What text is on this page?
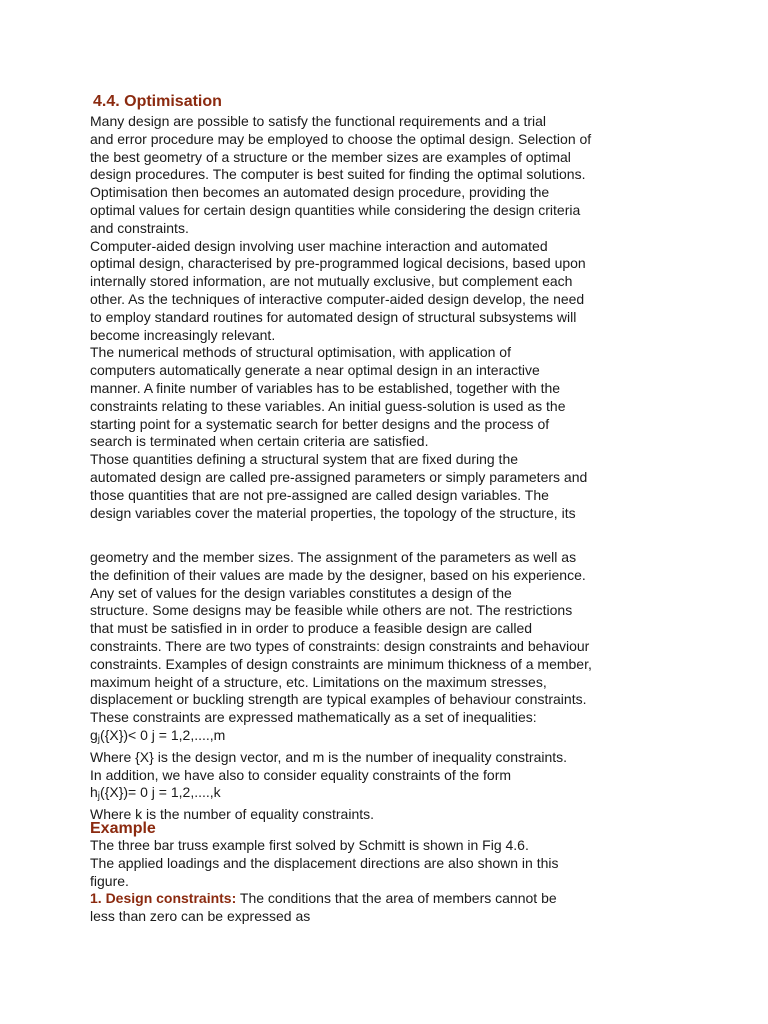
4.4. Optimisation
Many design are possible to satisfy the functional requirements and a trial
and error procedure may be employed to choose the optimal design. Selection of
the best geometry of a structure or the member sizes are examples of optimal
design procedures. The computer is best suited for finding the optimal solutions.
Optimisation then becomes an automated design procedure, providing the
optimal values for certain design quantities while considering the design criteria
and constraints.
Computer-aided design involving user machine interaction and automated
optimal design, characterised by pre-programmed logical decisions, based upon
internally stored information, are not mutually exclusive, but complement each
other. As the techniques of interactive computer-aided design develop, the need
to employ standard routines for automated design of structural subsystems will
become increasingly relevant.
The numerical methods of structural optimisation, with application of
computers automatically generate a near optimal design in an interactive
manner. A finite number of variables has to be established, together with the
constraints relating to these variables. An initial guess-solution is used as the
starting point for a systematic search for better designs and the process of
search is terminated when certain criteria are satisfied.
Those quantities defining a structural system that are fixed during the
automated design are called pre-assigned parameters or simply parameters and
those quantities that are not pre-assigned are called design variables. The
design variables cover the material properties, the topology of the structure, its
geometry and the member sizes. The assignment of the parameters as well as
the definition of their values are made by the designer, based on his experience.
Any set of values for the design variables constitutes a design of the
structure. Some designs may be feasible while others are not. The restrictions
that must be satisfied in in order to produce a feasible design are called
constraints. There are two types of constraints: design constraints and behaviour
constraints. Examples of design constraints are minimum thickness of a member,
maximum height of a structure, etc. Limitations on the maximum stresses,
displacement or buckling strength are typical examples of behaviour constraints.
These constraints are expressed mathematically as a set of inequalities:
$g_j(\{X\})< 0$ j = 1,2,....,m
Where {X} is the design vector, and m is the number of inequality constraints.
In addition, we have also to consider equality constraints of the form
$h_j(\{X\})= 0$ j = 1,2,....,k
Where k is the number of equality constraints.
Example
The three bar truss example first solved by Schmitt is shown in Fig 4.6.
The applied loadings and the displacement directions are also shown in this
figure.
1. Design constraints: The conditions that the area of members cannot be
less than zero can be expressed as
